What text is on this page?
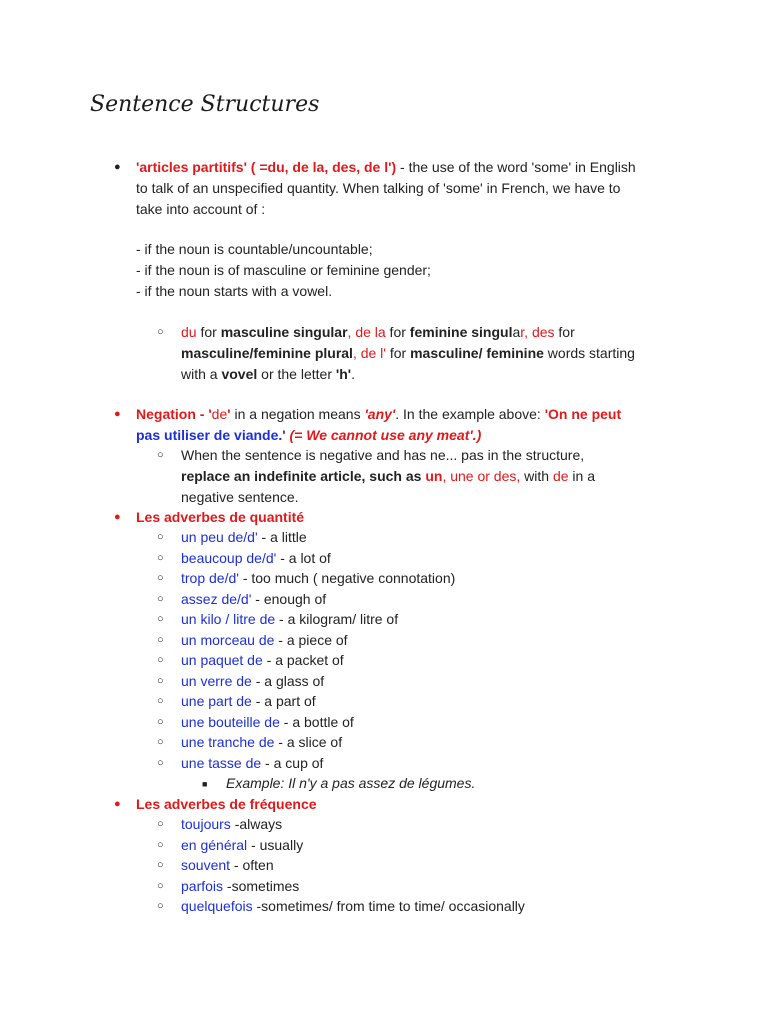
Sentence Structures
● 'articles partitifs' ( =du, de la, des, de l') - the use of the word 'some' in English
to talk of an unspecified quantity. When talking of 'some' in French, we have to
take into account of :
- if the noun is countable/uncountable;
- if the noun is of masculine or feminine gender;
- if the noun starts with a vowel.
○ du for masculine singular, de la for feminine singular, des for
masculine/feminine plural, de l' for masculine/ feminine words starting
with a vovel or the letter 'h'.
● Negation - 'de' in a negation means 'any'. In the example above: 'On ne peut
pas utiliser de viande.' (= We cannot use any meat'.)
○ When the sentence is negative and has ne... pas in the structure,
replace an indefinite article, such as un, une or des, with de in a
negative sentence.
● Les adverbes de quantité
○ un peu de/d' - a little
○ beaucoup de/d' - a lot of
○ trop de/d' - too much ( negative connotation)
○ assez de/d' - enough of
○ un kilo / litre de - a kilogram/ litre of
○ un morceau de - a piece of
○ un paquet de - a packet of
○ un verre de - a glass of
○ une part de - a part of
○ une bouteille de - a bottle of
○ une tranche de - a slice of
○ une tasse de - a cup of
■ Example: Il n'y a pas assez de légumes.
● Les adverbes de fréquence
○ toujours -always
○ en général - usually
○ souvent - often
○ parfois -sometimes
○ quelquefois -sometimes/ from time to time/ occasionally
